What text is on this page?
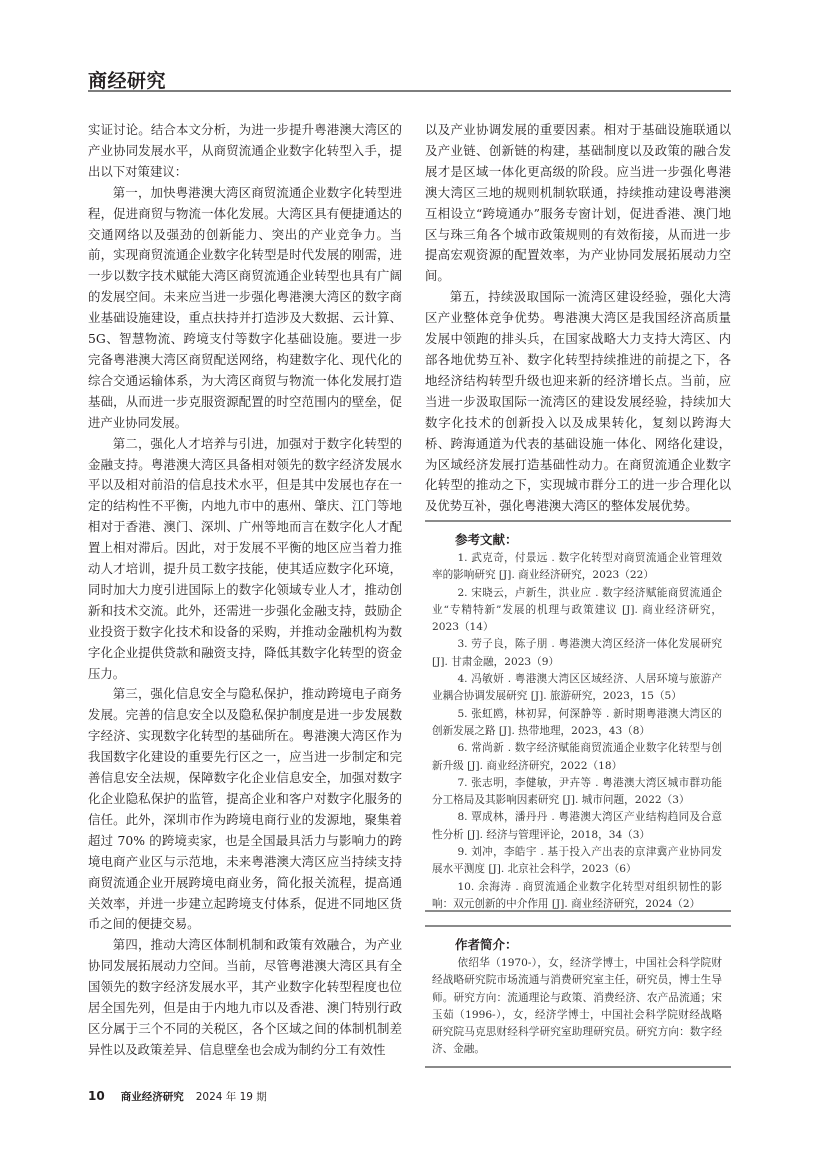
商经研究

实证讨论。结合本文分析，为进一步提升粤港澳大湾区的产业协同发展水平，从商贸流通企业数字化转型入手，提出以下对策建议：

第一，加快粤港澳大湾区商贸流通企业数字化转型进程，促进商贸与物流一体化发展。大湾区具有便捷通达的交通网络以及强劲的创新能力、突出的产业竞争力。当前，实现商贸流通企业数字化转型是时代发展的刚需，进一步以数字技术赋能大湾区商贸流通企业转型也具有广阔的发展空间。未来应当进一步强化粤港澳大湾区的数字商业基础设施建设，重点扶持并打造涉及大数据、云计算、5G、智慧物流、跨境支付等数字化基础设施。要进一步完备粤港澳大湾区商贸配送网络，构建数字化、现代化的综合交通运输体系，为大湾区商贸与物流一体化发展打造基础，从而进一步克服资源配置的时空范围内的壁垒，促进产业协同发展。

第二，强化人才培养与引进，加强对于数字化转型的金融支持。粤港澳大湾区具备相对领先的数字经济发展水平以及相对前沿的信息技术水平，但是其中发展也存在一定的结构性不平衡，内地九市中的惠州、肇庆、江门等地相对于香港、澳门、深圳、广州等地而言在数字化人才配置上相对滞后。因此，对于发展不平衡的地区应当着力推动人才培训，提升员工数字技能，使其适应数字化环境，同时加大力度引进国际上的数字化领域专业人才，推动创新和技术交流。此外，还需进一步强化金融支持，鼓励企业投资于数字化技术和设备的采购，并推动金融机构为数字化企业提供贷款和融资支持，降低其数字化转型的资金压力。

第三，强化信息安全与隐私保护，推动跨境电子商务发展。完善的信息安全以及隐私保护制度是进一步发展数字经济、实现数字化转型的基础所在。粤港澳大湾区作为我国数字化建设的重要先行区之一，应当进一步制定和完善信息安全法规，保障数字化企业信息安全，加强对数字化企业隐私保护的监管，提高企业和客户对数字化服务的信任。此外，深圳市作为跨境电商行业的发源地，聚集着超过 70% 的跨境卖家，也是全国最具活力与影响力的跨境电商产业区与示范地，未来粤港澳大湾区应当持续支持商贸流通企业开展跨境电商业务，简化报关流程，提高通关效率，并进一步建立起跨境支付体系，促进不同地区货币之间的便捷交易。

第四，推动大湾区体制机制和政策有效融合，为产业协同发展拓展动力空间。当前，尽管粤港澳大湾区具有全国领先的数字经济发展水平，其产业数字化转型程度也位居全国先列，但是由于内地九市以及香港、澳门特别行政区分属于三个不同的关税区，各个区域之间的体制机制差异性以及政策差异、信息壁垒也会成为制约分工有效性

以及产业协调发展的重要因素。相对于基础设施联通以及产业链、创新链的构建，基础制度以及政策的融合发展才是区域一体化更高级的阶段。应当进一步强化粤港澳大湾区三地的规则机制软联通，持续推动建设粤港澳互相设立“跨境通办”服务专窗计划，促进香港、澳门地区与珠三角各个城市政策规则的有效衔接，从而进一步提高宏观资源的配置效率，为产业协同发展拓展动力空间。

第五，持续汲取国际一流湾区建设经验，强化大湾区产业整体竞争优势。粤港澳大湾区是我国经济高质量发展中领跑的排头兵，在国家战略大力支持大湾区、内部各地优势互补、数字化转型持续推进的前提之下，各地经济结构转型升级也迎来新的经济增长点。当前，应当进一步汲取国际一流湾区的建设发展经验，持续加大数字化技术的创新投入以及成果转化，复刻以跨海大桥、跨海通道为代表的基础设施一体化、网络化建设，为区域经济发展打造基础性动力。在商贸流通企业数字化转型的推动之下，实现城市群分工的进一步合理化以及优势互补，强化粤港澳大湾区的整体发展优势。

参考文献：

1. 武克奇，付景远 . 数字化转型对商贸流通企业管理效率的影响研究 [J]. 商业经济研究，2023（22）

2. 宋晓云，卢新生，洪业应 . 数字经济赋能商贸流通企业“专精特新”发展的机理与政策建议 [J]. 商业经济研究，2023（14）

3. 劳子良，陈子朋 . 粤港澳大湾区经济一体化发展研究 [J]. 甘肃金融，2023（9）

4. 冯敏妍 . 粤港澳大湾区区域经济、人居环境与旅游产业耦合协调发展研究 [J]. 旅游研究，2023，15（5）

5. 张虹鸥，林初昇，何深静等 . 新时期粤港澳大湾区的创新发展之路 [J]. 热带地理，2023，43（8）

6. 常尚新 . 数字经济赋能商贸流通企业数字化转型与创新升级 [J]. 商业经济研究，2022（18）

7. 张志明，李健敏，尹卉等 . 粤港澳大湾区城市群功能分工格局及其影响因素研究 [J]. 城市问题，2022（3）

8. 覃成林，潘丹丹 . 粤港澳大湾区产业结构趋同及合意性分析 [J]. 经济与管理评论，2018，34（3）

9. 刘冲，李皓宇 . 基于投入产出表的京津冀产业协同发展水平测度 [J]. 北京社会科学，2023（6）

10. 余海涛 . 商贸流通企业数字化转型对组织韧性的影响：双元创新的中介作用 [J]. 商业经济研究，2024（2）

作者简介：

依绍华（1970-），女，经济学博士，中国社会科学院财经战略研究院市场流通与消费研究室主任，研究员，博士生导师。研究方向：流通理论与政策、消费经济、农产品流通；宋玉茹（1996-），女，经济学博士，中国社会科学院财经战略研究院马克思财经科学研究室助理研究员。研究方向：数字经济、金融。

10 商业经济研究 2024 年 19 期
